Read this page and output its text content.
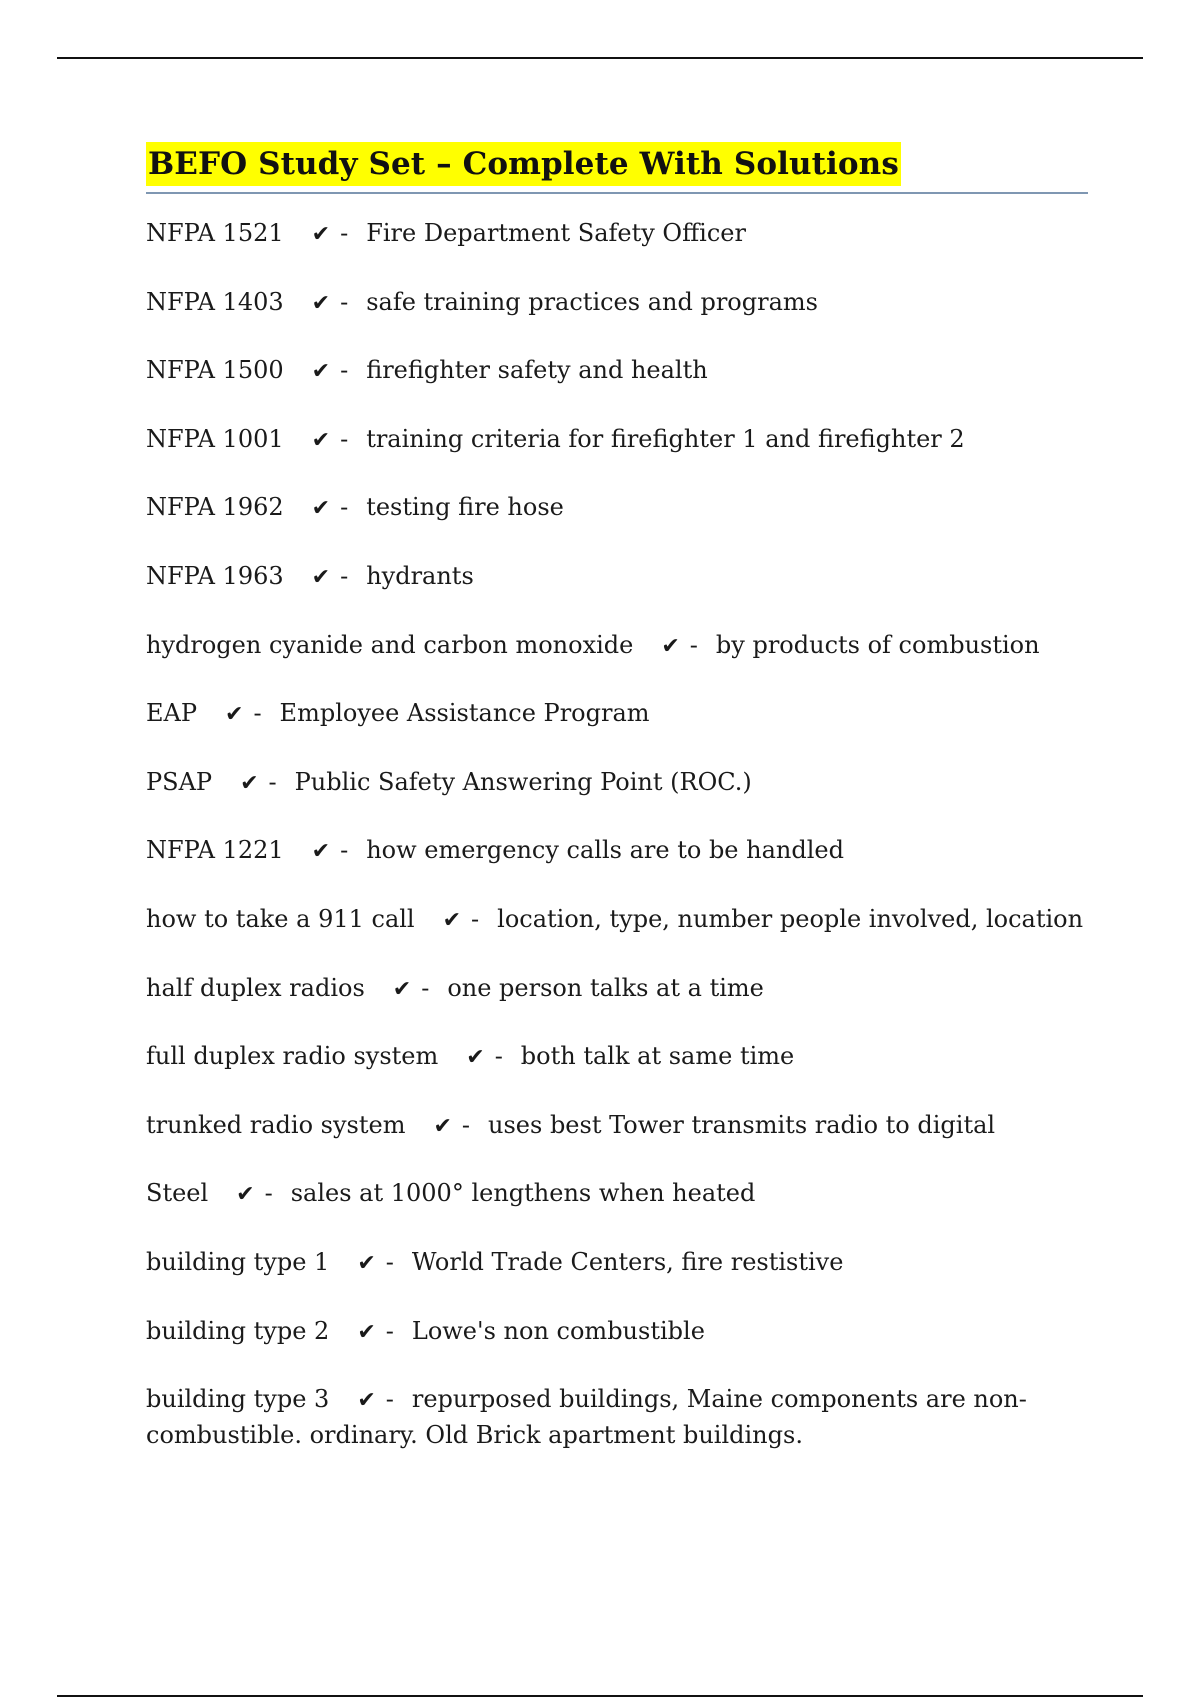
BEFO Study Set – Complete With Solutions
NFPA 1521 ✔ - Fire Department Safety Officer
NFPA 1403 ✔ - safe training practices and programs
NFPA 1500 ✔ - firefighter safety and health
NFPA 1001 ✔ - training criteria for firefighter 1 and firefighter 2
NFPA 1962 ✔ - testing fire hose
NFPA 1963 ✔ - hydrants
hydrogen cyanide and carbon monoxide ✔ - by products of combustion
EAP ✔ - Employee Assistance Program
PSAP ✔ - Public Safety Answering Point (ROC.)
NFPA 1221 ✔ - how emergency calls are to be handled
how to take a 911 call ✔ - location, type, number people involved, location
half duplex radios ✔ - one person talks at a time
full duplex radio system ✔ - both talk at same time
trunked radio system ✔ - uses best Tower transmits radio to digital
Steel ✔ - sales at 1000° lengthens when heated
building type 1 ✔ - World Trade Centers, fire restistive
building type 2 ✔ - Lowe's non combustible
building type 3 ✔ - repurposed buildings, Maine components are non-combustible. ordinary. Old Brick apartment buildings.
